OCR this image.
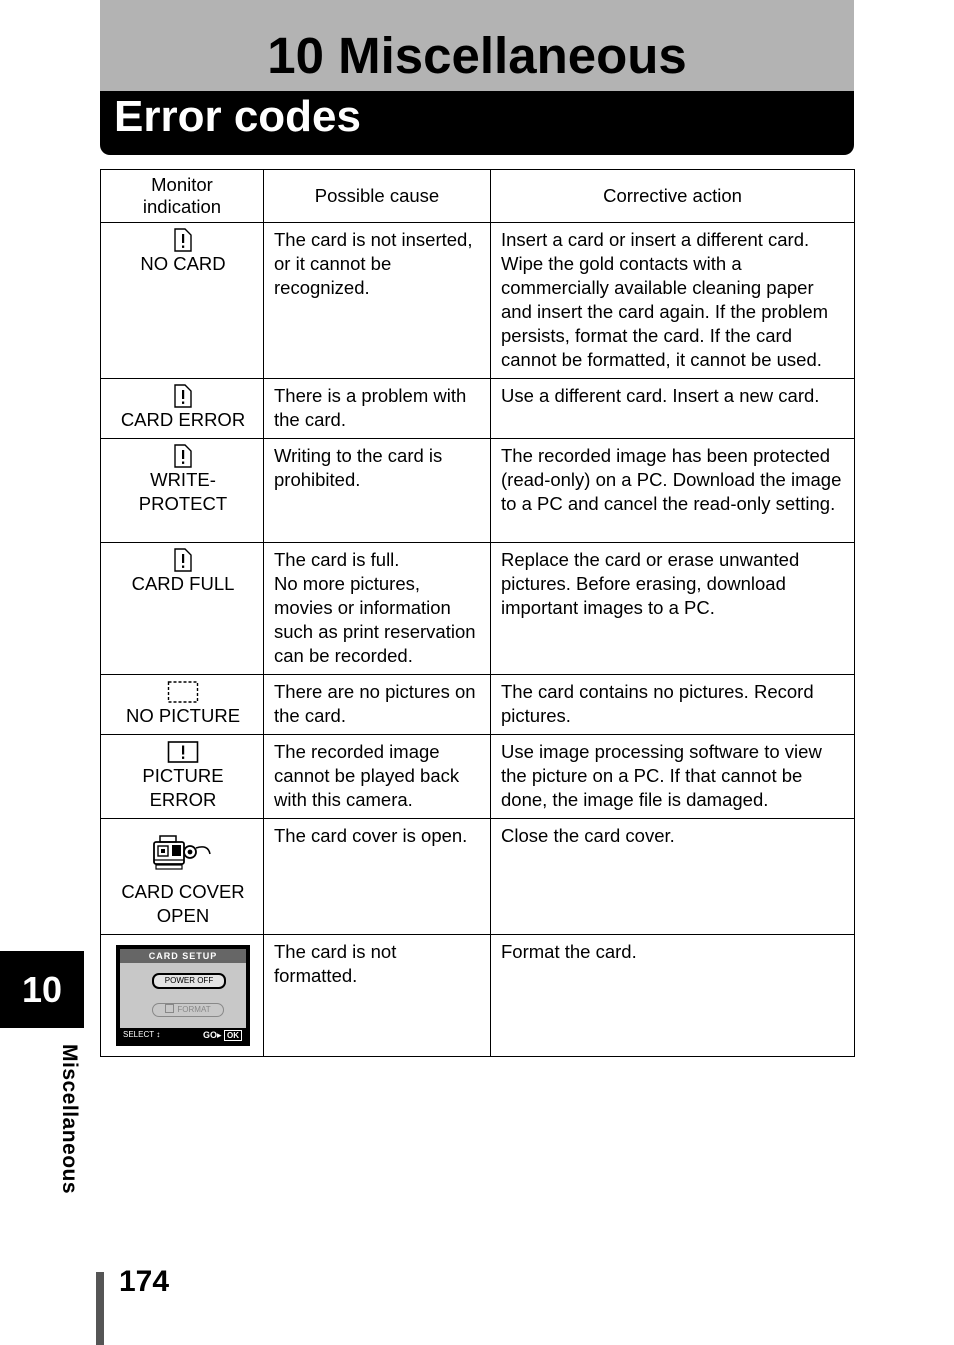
10 Miscellaneous
Error codes
Monitor
indication	Possible cause	Corrective action

NO CARD	The card is not inserted, or it cannot be recognized.	Insert a card or insert a different card. Wipe the gold contacts with a commercially available cleaning paper and insert the card again. If the problem persists, format the card. If the card cannot be formatted, it cannot be used.

CARD ERROR	There is a problem with the card.	Use a different card. Insert a new card.

WRITE-
PROTECT	Writing to the card is prohibited.	The recorded image has been protected (read-only) on a PC. Download the image to a PC and cancel the read-only setting.

CARD FULL	The card is full.
No more pictures, movies or information such as print reservation can be recorded.	Replace the card or erase unwanted pictures. Before erasing, download important images to a PC.

NO PICTURE	There are no pictures on the card.	The card contains no pictures. Record pictures.

PICTURE
ERROR	The recorded image cannot be played back with this camera.	Use image processing software to view the picture on a PC. If that cannot be done, the image file is damaged.

CARD COVER
OPEN	The card cover is open.	Close the card cover.

CARD SETUP
POWER OFF
FORMAT
SELECT ↕ GO▸ OK	The card is not formatted.	Format the card.
10

Miscellaneous

174
